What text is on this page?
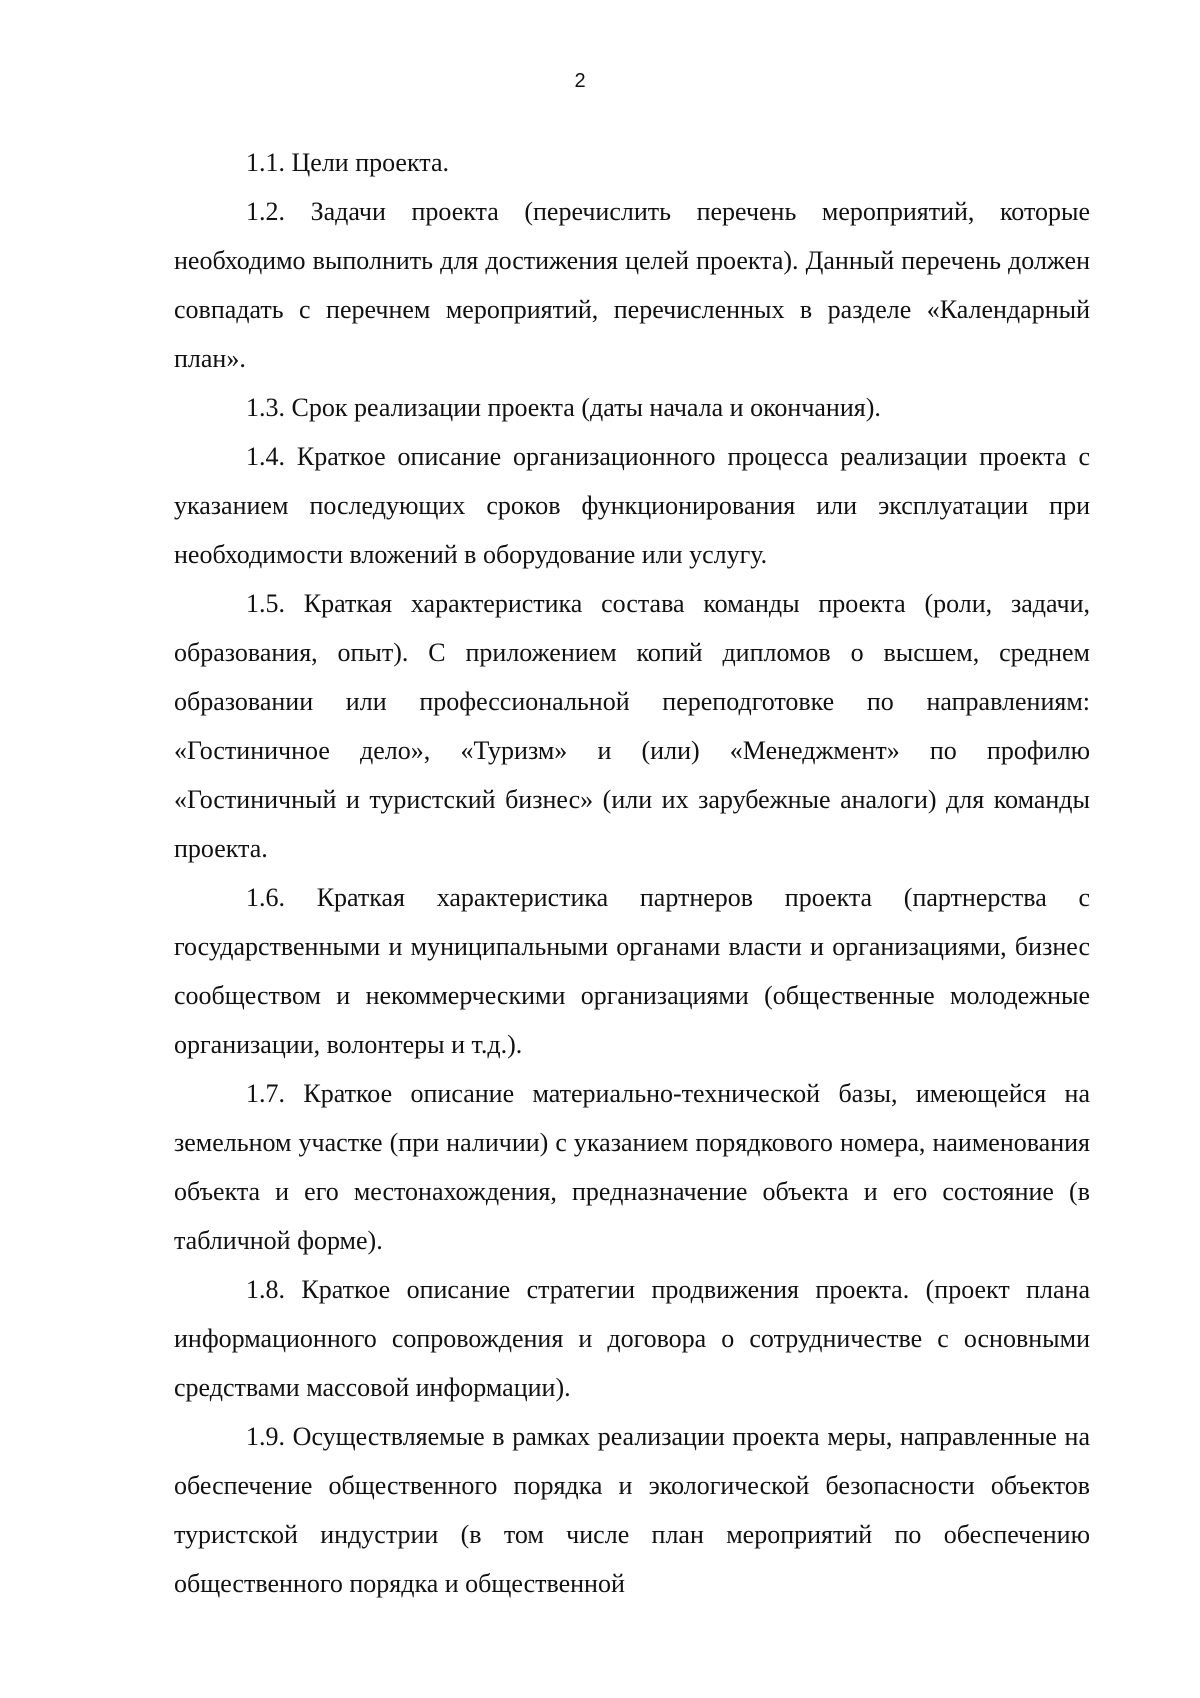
2

1.1. Цели проекта.

1.2. Задачи проекта (перечислить перечень мероприятий, которые необходимо выполнить для достижения целей проекта). Данный перечень должен совпадать с перечнем мероприятий, перечисленных в разделе «Календарный план».

1.3. Срок реализации проекта (даты начала и окончания).

1.4. Краткое описание организационного процесса реализации проекта с указанием последующих сроков функционирования или эксплуатации при необходимости вложений в оборудование или услугу.

1.5. Краткая характеристика состава команды проекта (роли, задачи, образования, опыт). С приложением копий дипломов о высшем, среднем образовании или профессиональной переподготовке по направлениям: «Гостиничное дело», «Туризм» и (или) «Менеджмент» по профилю «Гостиничный и туристский бизнес» (или их зарубежные аналоги) для команды проекта.

1.6. Краткая характеристика партнеров проекта (партнерства с государственными и муниципальными органами власти и организациями, бизнес сообществом и некоммерческими организациями (общественные молодежные организации, волонтеры и т.д.).

1.7. Краткое описание материально-технической базы, имеющейся на земельном участке (при наличии) с указанием порядкового номера, наименования объекта и его местонахождения, предназначение объекта и его состояние (в табличной форме).

1.8. Краткое описание стратегии продвижения проекта. (проект плана информационного сопровождения и договора о сотрудничестве с основными средствами массовой информации).

1.9. Осуществляемые в рамках реализации проекта меры, направленные на обеспечение общественного порядка и экологической безопасности объектов туристской индустрии (в том числе план мероприятий по обеспечению общественного порядка и общественной
